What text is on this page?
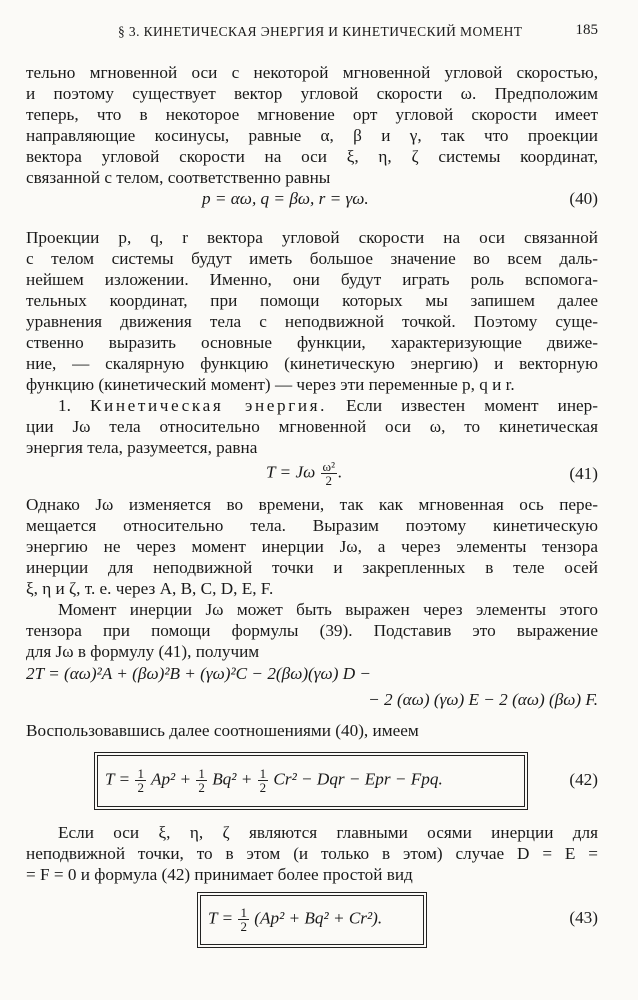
§ 3. КИНЕТИЧЕСКАЯ ЭНЕРГИЯ И КИНЕТИЧЕСКИЙ МОМЕНТ	185
тельно мгновенной оси с некоторой мгновенной угловой скоростью,
и поэтому существует вектор угловой скорости ω. Предположим
теперь, что в некоторое мгновение орт угловой скорости имеет
направляющие косинусы, равные α, β и γ, так что проекции
вектора угловой скорости на оси ξ, η, ζ системы координат,
связанной с телом, соответственно равны
p = αω, q = βω, r = γω.	(40)
Проекции p, q, r вектора угловой скорости на оси связанной
с телом системы будут иметь большое значение во всем даль-
нейшем изложении. Именно, они будут играть роль вспомога-
тельных координат, при помощи которых мы запишем далее
уравнения движения тела с неподвижной точкой. Поэтому суще-
ственно выразить основные функции, характеризующие движе-
ние, — скалярную функцию (кинетическую энергию) и векторную
функцию (кинетический момент) — через эти переменные p, q и r.
1. Кинетическая энергия. Если известен момент инер-
ции Jω тела относительно мгновенной оси ω, то кинетическая
энергия тела, разумеется, равна
T = Jω $\frac{\text{ω²}}{2}$ .	(41)
Однако Jω изменяется во времени, так как мгновенная ось пере-
мещается относительно тела. Выразим поэтому кинетическую
энергию не через момент инерции Jω, а через элементы тензора
инерции для неподвижной точки и закрепленных в теле осей
ξ, η и ζ, т. е. через A, B, C, D, E, F.
Момент инерции Jω может быть выражен через элементы этого
тензора при помощи формулы (39). Подставив это выражение
для Jω в формулу (41), получим
2T = (αω)²A + (βω)²B + (γω)²C − 2(βω)(γω) D −
− 2 (αω) (γω) E − 2 (αω) (βω) F.
Воспользовавшись далее соотношениями (40), имеем
$T = \frac{1}{2} Ap^2 + \frac{1}{2} Bq^2 + \frac{1}{2} Cr^2$ − Dqr − Epr − Fpq.	(42)
Если оси ξ, η, ζ являются главными осями инерции для
неподвижной точки, то в этом (и только в этом) случае D = E =
= F = 0 и формула (42) принимает более простой вид
$T = \frac{1}{2} (Ap^2 + Bq^2 + Cr^2)$.	(43)
